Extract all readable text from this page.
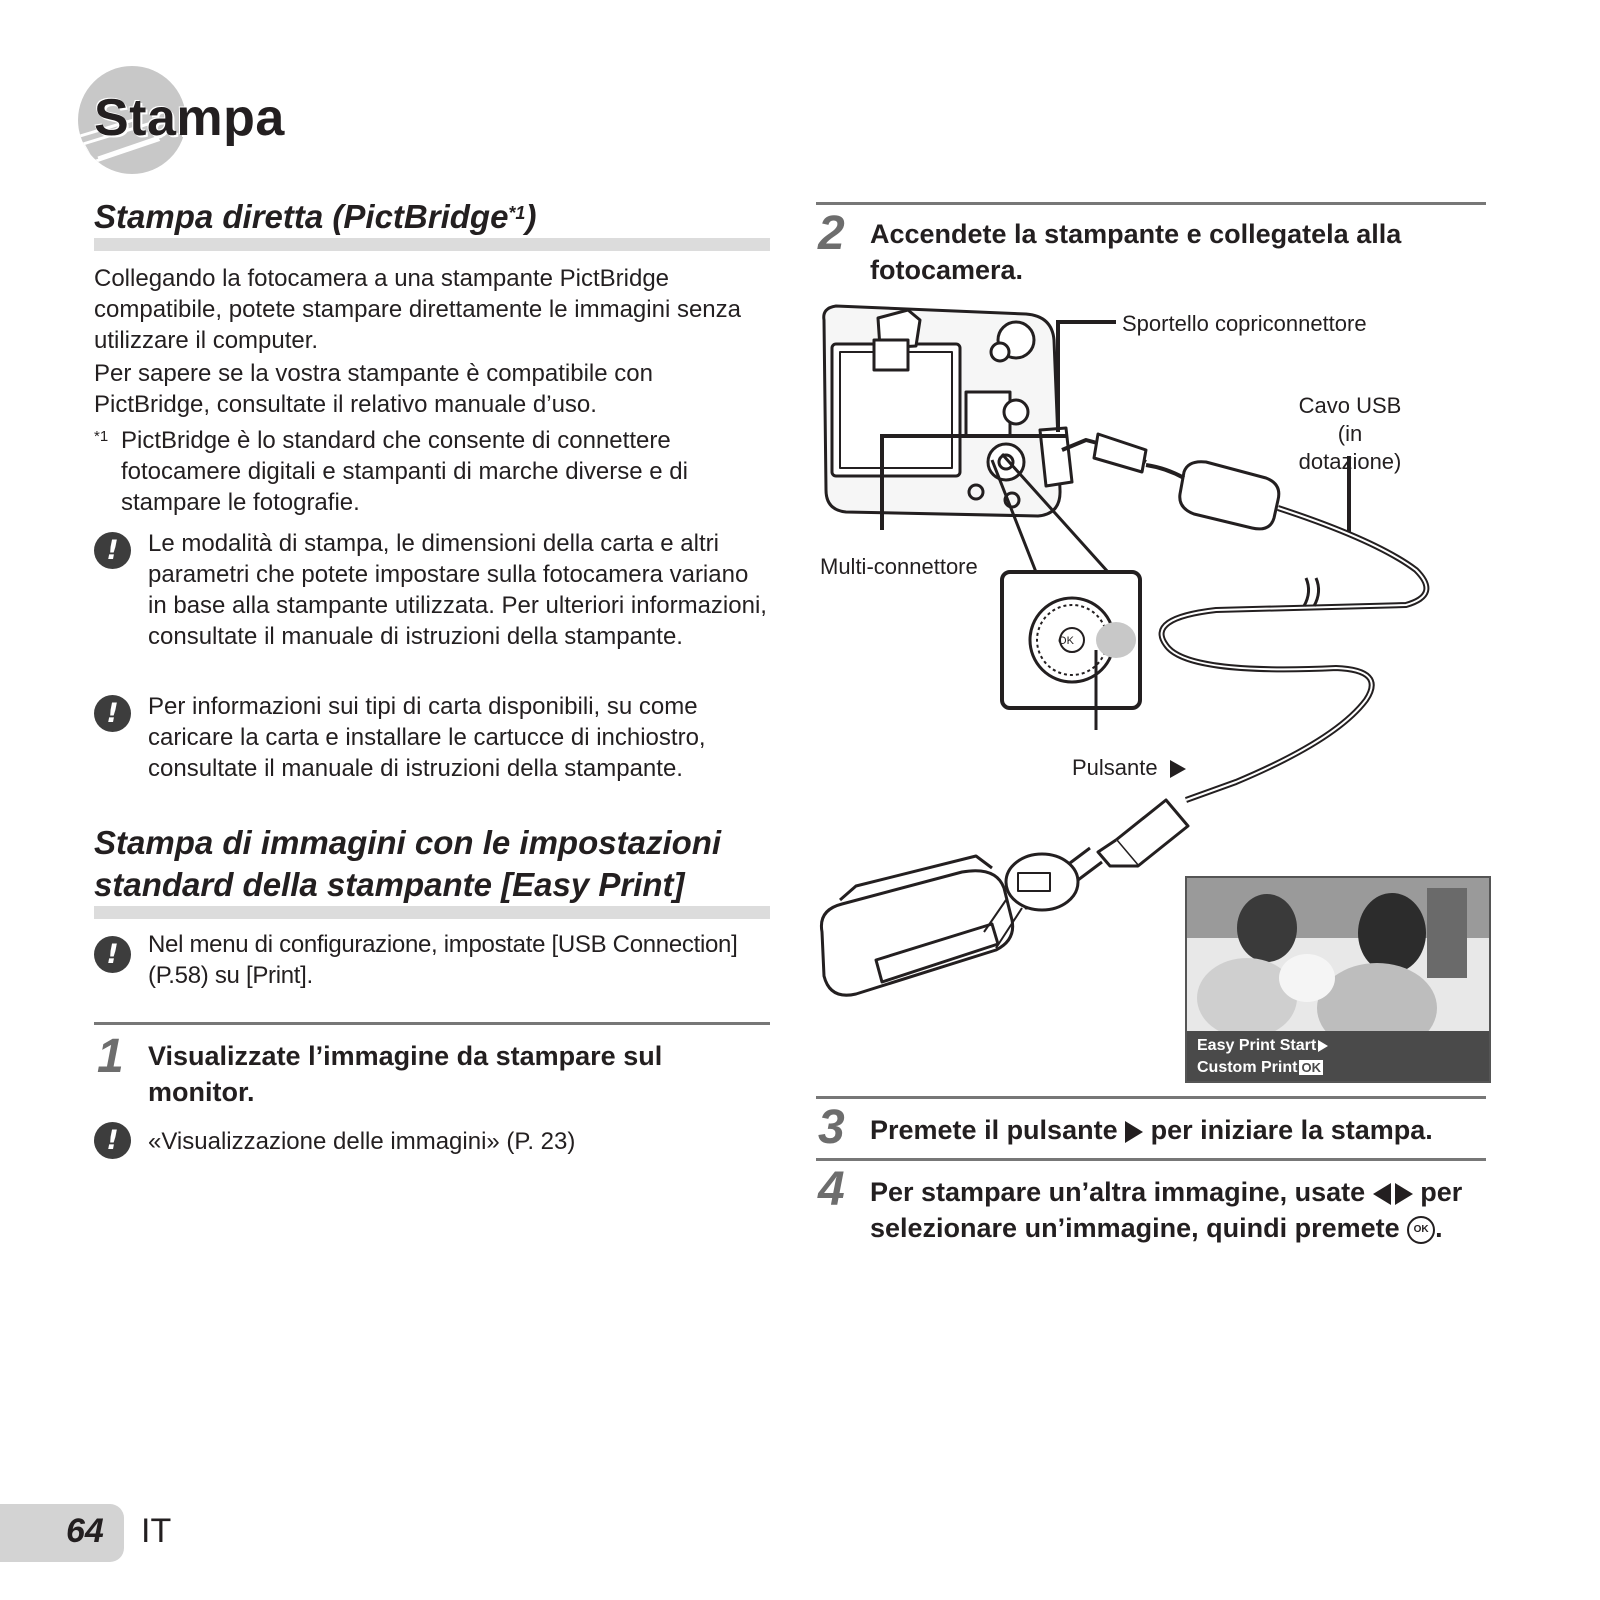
Stampa
Stampa diretta (PictBridge$^{*1}$)

Collegando la fotocamera a una stampante PictBridge compatibile, potete stampare direttamente le immagini senza utilizzare il computer.

Per sapere se la vostra stampante è compatibile con PictBridge, consultate il relativo manuale d’uso.

*1 PictBridge è lo standard che consente di connettere fotocamere digitali e stampanti di marche diverse e di stampare le fotografie.

!	Le modalità di stampa, le dimensioni della carta e altri parametri che potete impostare sulla fotocamera variano in base alla stampante utilizzata. Per ulteriori informazioni, consultate il manuale di istruzioni della stampante.

!	Per informazioni sui tipi di carta disponibili, su come caricare la carta e installare le cartucce di inchiostro, consultate il manuale di istruzioni della stampante.

Stampa di immagini con le impostazioni standard della stampante [Easy Print]
!	Nel menu di configurazione, impostate [USB Connection] (P.58) su [Print].

1 Visualizzate l’immagine da stampare sul monitor.

!	«Visualizzazione delle immagini» (P. 23)

2 Accendete la stampante e collegatela alla fotocamera.

OK

Sportello copriconnettore

Cavo USB
(in dotazione)

Multi-connettore

Pulsante

Easy Print Start

Custom Print OK

3 Premete il pulsante per iniziare la stampa.

4 Per stampare un’altra immagine, usate per selezionare un’immagine, quindi premete OK .

64 IT
